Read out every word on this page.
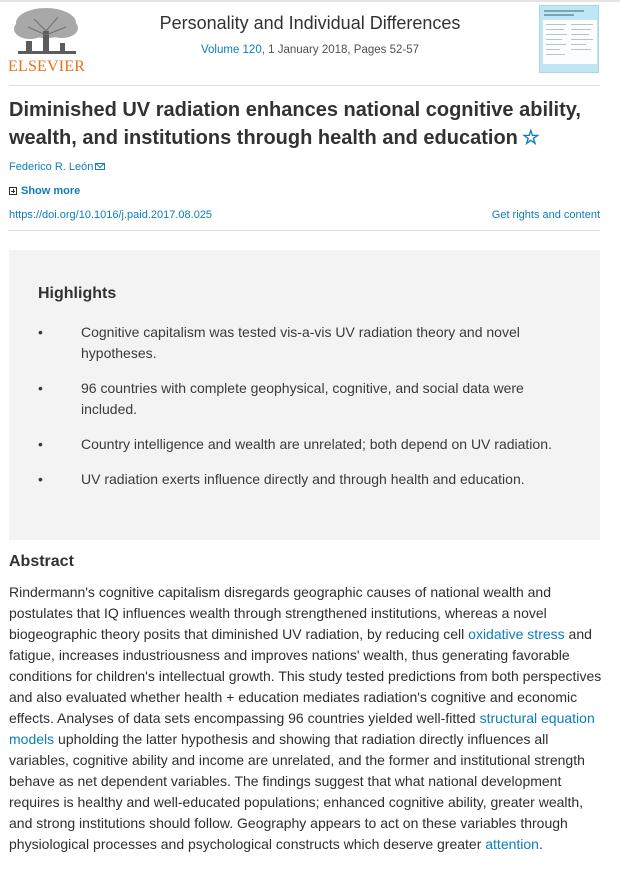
ELSEVIER
Personality and Individual Differences
Volume 120, 1 January 2018, Pages 52-57
Diminished UV radiation enhances national cognitive ability, wealth, and institutions through health and education ☆
Federico R. León
Show more
https://doi.org/10.1016/j.paid.2017.08.025	Get rights and content
Highlights
•	Cognitive capitalism was tested vis-a-vis UV radiation theory and novel hypotheses.
•	96 countries with complete geophysical, cognitive, and social data were included.
•	Country intelligence and wealth are unrelated; both depend on UV radiation.
•	UV radiation exerts influence directly and through health and education.
Abstract

Rindermann's cognitive capitalism disregards geographic causes of national wealth and postulates that IQ influences wealth through strengthened institutions, whereas a novel biogeographic theory posits that diminished UV radiation, by reducing cell oxidative stress and fatigue, increases industriousness and improves nations' wealth, thus generating favorable conditions for children's intellectual growth. This study tested predictions from both perspectives and also evaluated whether health + education mediates radiation's cognitive and economic effects. Analyses of data sets encompassing 96 countries yielded well-fitted structural equation models upholding the latter hypothesis and showing that radiation directly influences all variables, cognitive ability and income are unrelated, and the former and institutional strength behave as net dependent variables. The findings suggest that what national development requires is healthy and well-educated populations; enhanced cognitive ability, greater wealth, and strong institutions should follow. Geography appears to act on these variables through physiological processes and psychological constructs which deserve greater attention.
